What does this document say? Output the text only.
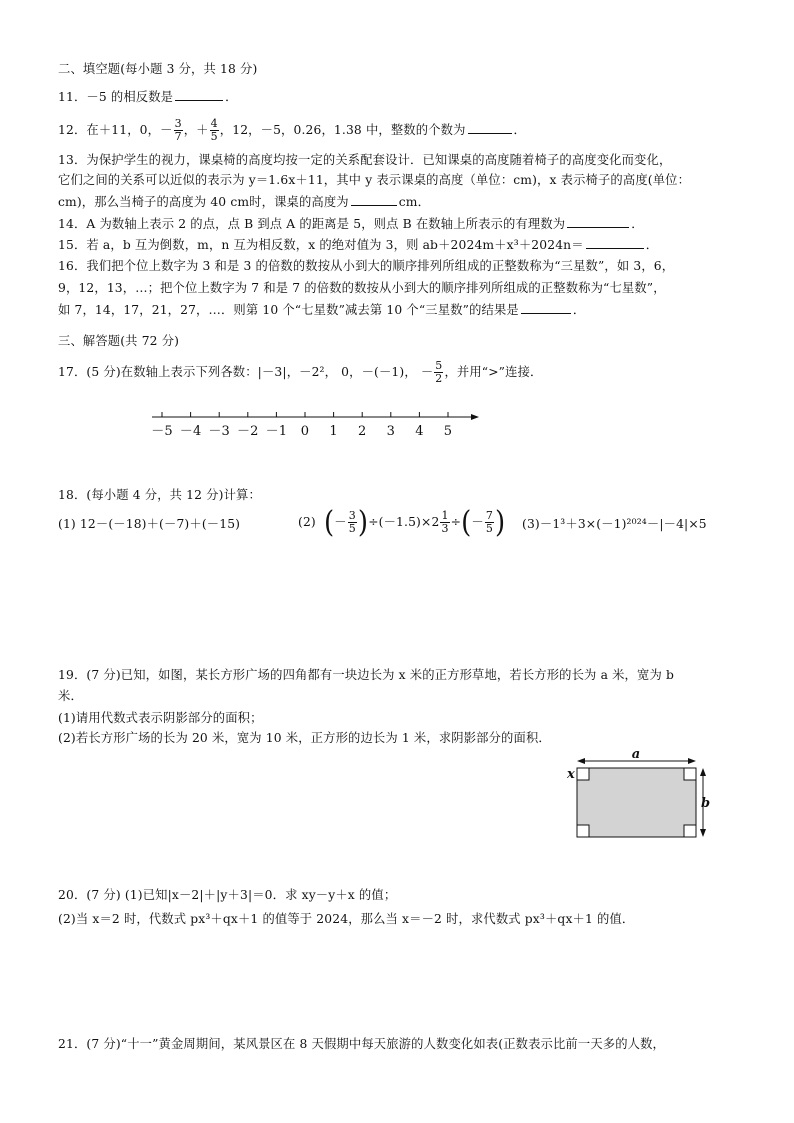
二、填空题(每小题 3 分，共 18 分)
11．－5 的相反数是	．
12．在＋11，0，－ $\frac{3}{7}$ ，＋ $\frac{4}{5}$ ，12，－5，0.26，1.38 中，整数的个数为	．
13．为保护学生的视力，课桌椅的高度均按一定的关系配套设计．已知课桌的高度随着椅子的高度变化而变化，
它们之间的关系可以近似的表示为 y＝1.6x＋11，其中 y 表示课桌的高度（单位：cm)，x 表示椅子的高度(单位：
cm)，那么当椅子的高度为 40 cm时，课桌的高度为	cm．
14．A 为数轴上表示 2 的点，点 B 到点 A 的距离是 5，则点 B 在数轴上所表示的有理数为	．
15．若 a，b 互为倒数，m，n 互为相反数，x 的绝对值为 3，则 ab＋2024m＋x³＋2024n＝	．
16．我们把个位上数字为 3 和是 3 的倍数的数按从小到大的顺序排列所组成的正整数称为“三星数”，如 3，6，
9，12，13，…；把个位上数字为 7 和是 7 的倍数的数按从小到大的顺序排列所组成的正整数称为“七星数”，
如 7，14，17，21，27，…．则第 10 个“七星数”减去第 10 个“三星数”的结果是	．
三、解答题(共 72 分)
17．(5 分)在数轴上表示下列各数：|－3|，－2²， 0，－(－1)， － $\frac{5}{2}$ ，并用“>”连接．
－5 －4 －3 －2 －1 0 1 2 3 4 5
18．(每小题 4 分，共 12 分)计算：
(1) 12－(－18)＋(－7)＋(－15)	(2) (－ $\frac{3}{5} )\div(-1.5)\times 2 \frac{1}{3}$ ÷(－ $\frac{7}{5}$ ) (3)－1³＋3×(－1)²⁰²⁴－|－4|×5
19．(7 分)已知，如图，某长方形广场的四角都有一块边长为 x 米的正方形草地，若长方形的长为 a 米，宽为 b
米．
(1)请用代数式表示阴影部分的面积；
(2)若长方形广场的长为 20 米，宽为 10 米，正方形的边长为 1 米，求阴影部分的面积．
a
b
x
20．(7 分) (1)已知|x－2|＋|y＋3|＝0．求 xy－y＋x 的值；
(2)当 x＝2 时，代数式 px³＋qx＋1 的值等于 2024，那么当 x＝－2 时，求代数式 px³＋qx＋1 的值．
21．(7 分)“十一”黄金周期间，某风景区在 8 天假期中每天旅游的人数变化如表(正数表示比前一天多的人数，
